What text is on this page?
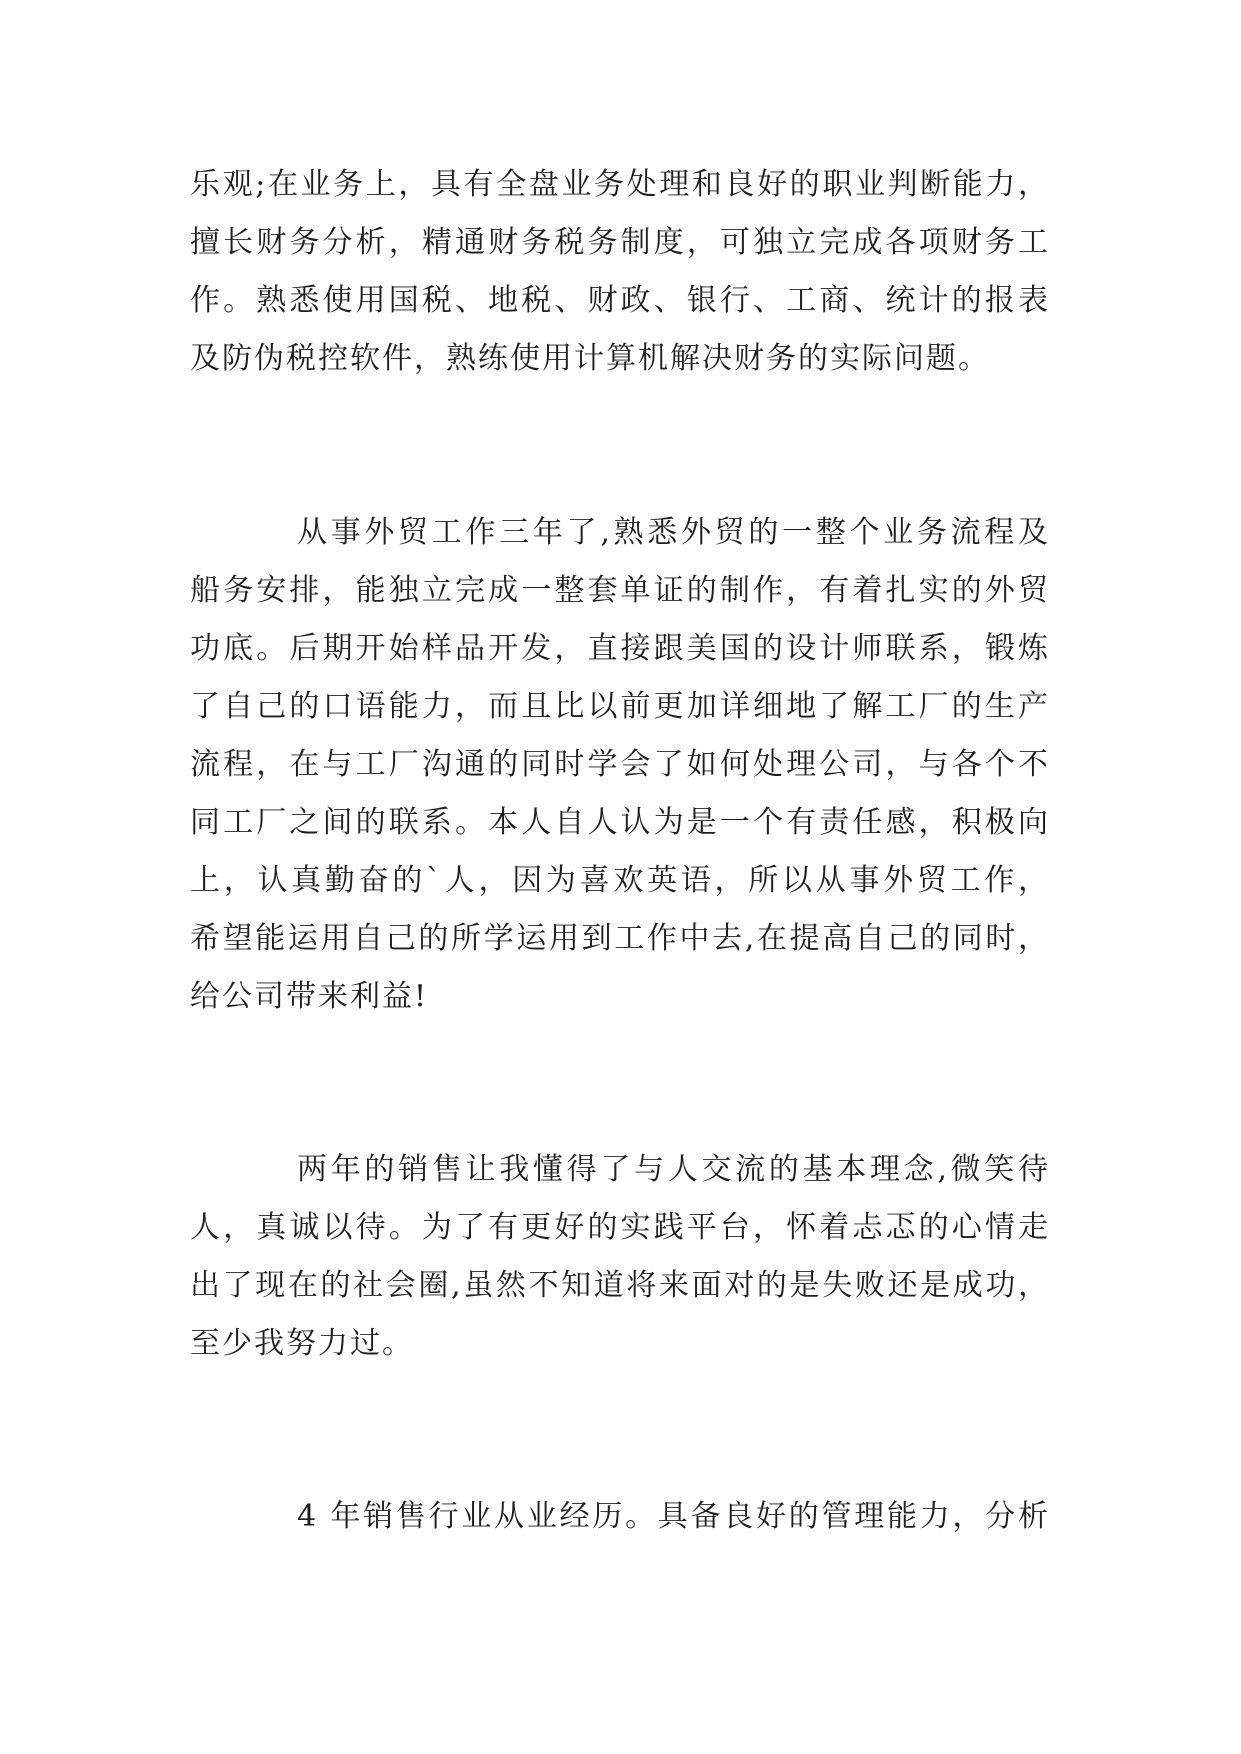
乐观;在业务上，具有全盘业务处理和良好的职业判断能力，
擅长财务分析，精通财务税务制度，可独立完成各项财务工
作。熟悉使用国税、地税、财政、银行、工商、统计的报表
及防伪税控软件，熟练使用计算机解决财务的实际问题。
从事外贸工作三年了,熟悉外贸的一整个业务流程及
船务安排，能独立完成一整套单证的制作，有着扎实的外贸
功底。后期开始样品开发，直接跟美国的设计师联系，锻炼
了自己的口语能力，而且比以前更加详细地了解工厂的生产
流程，在与工厂沟通的同时学会了如何处理公司，与各个不
同工厂之间的联系。本人自人认为是一个有责任感，积极向
上，认真勤奋的`人，因为喜欢英语，所以从事外贸工作，
希望能运用自己的所学运用到工作中去,在提高自己的同时，
给公司带来利益!
两年的销售让我懂得了与人交流的基本理念,微笑待
人，真诚以待。为了有更好的实践平台，怀着忐忑的心情走
出了现在的社会圈,虽然不知道将来面对的是失败还是成功，
至少我努力过。
4 年销售行业从业经历。具备良好的管理能力，分析
